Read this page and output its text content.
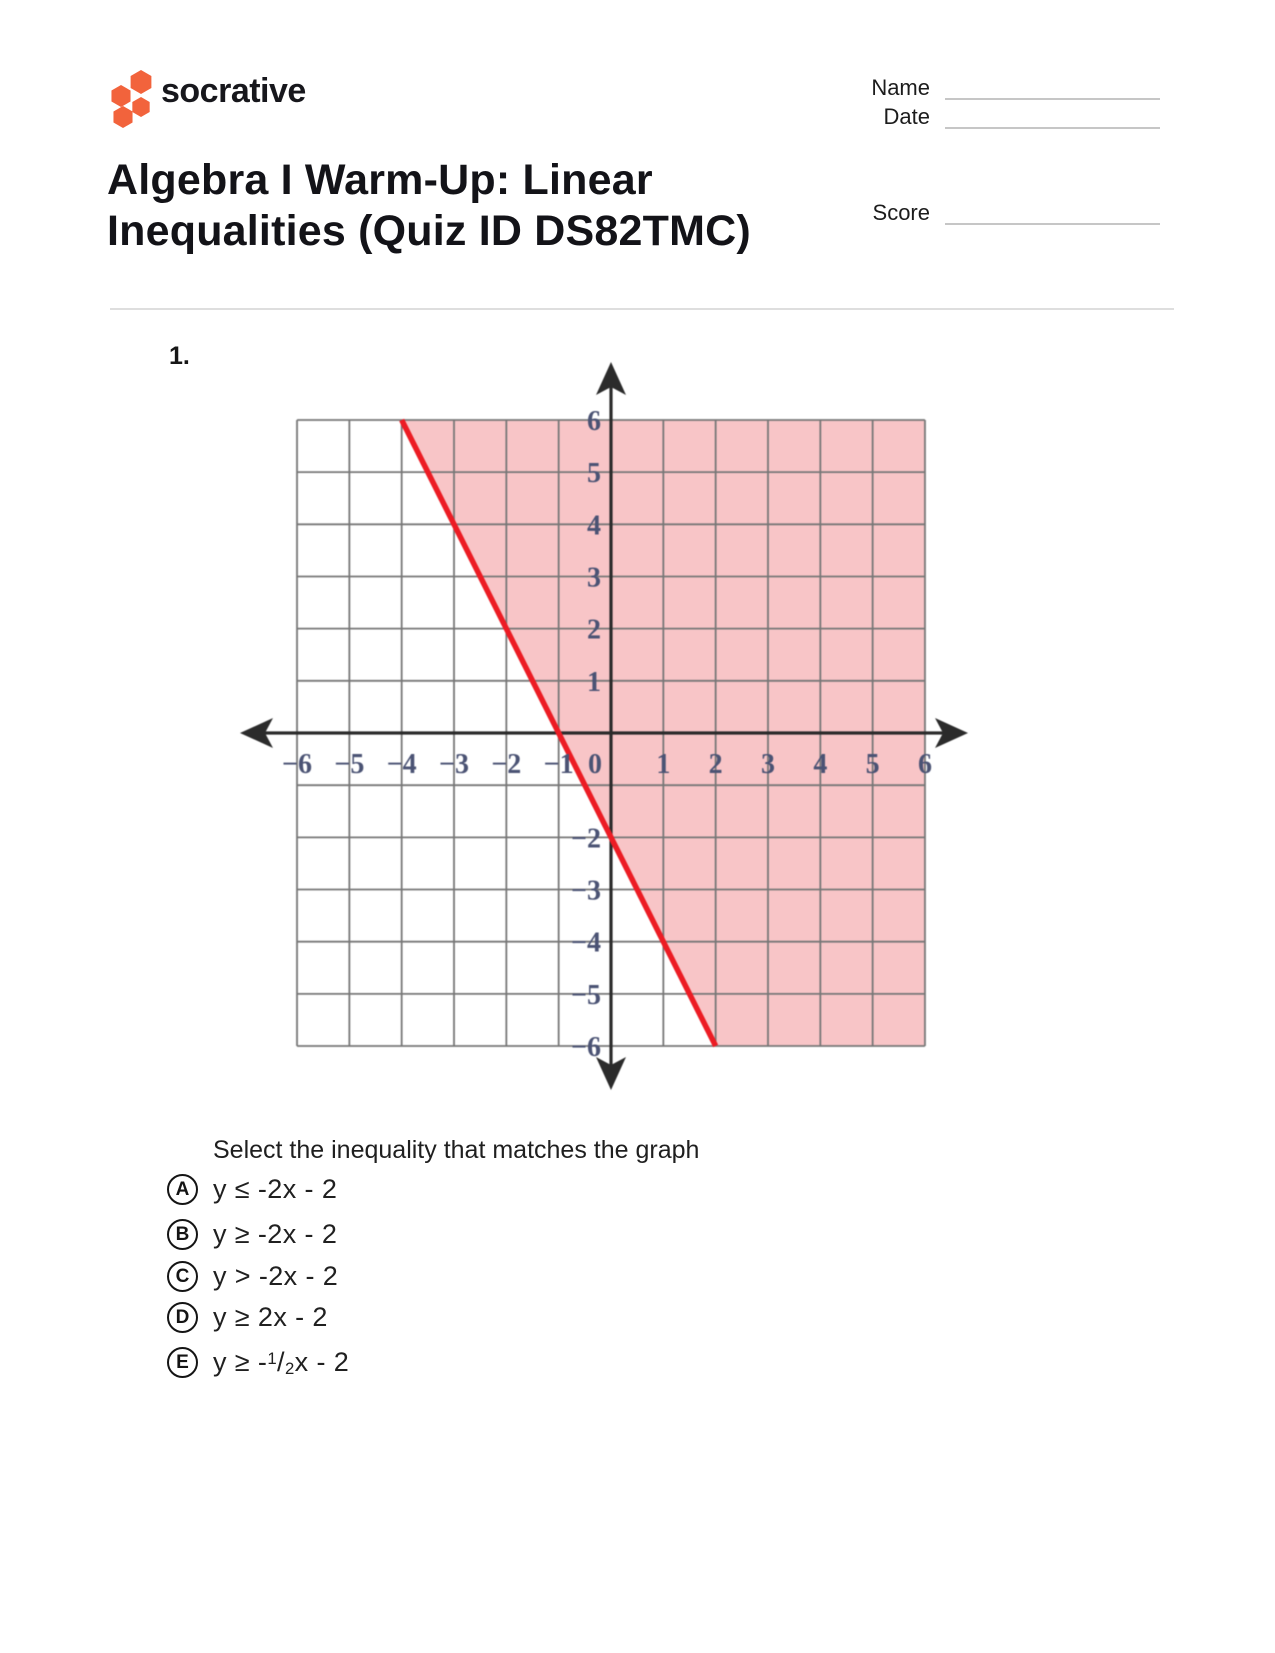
socrative	Name
Date
Score
Algebra I Warm-Up: Linear Inequalities (Quiz ID DS82TMC)
1.
−6 −5 −4 −3 −2 −1 0 1 2 3 4 5 6
6
5
4
3
2
1
−2
−3
−4
−5
−6
Select the inequality that matches the graph
A y ≤ -2x - 2
B y ≥ -2x - 2
C y > -2x - 2
D y ≥ 2x - 2
E y ≥ -$^1$/2x - 2
